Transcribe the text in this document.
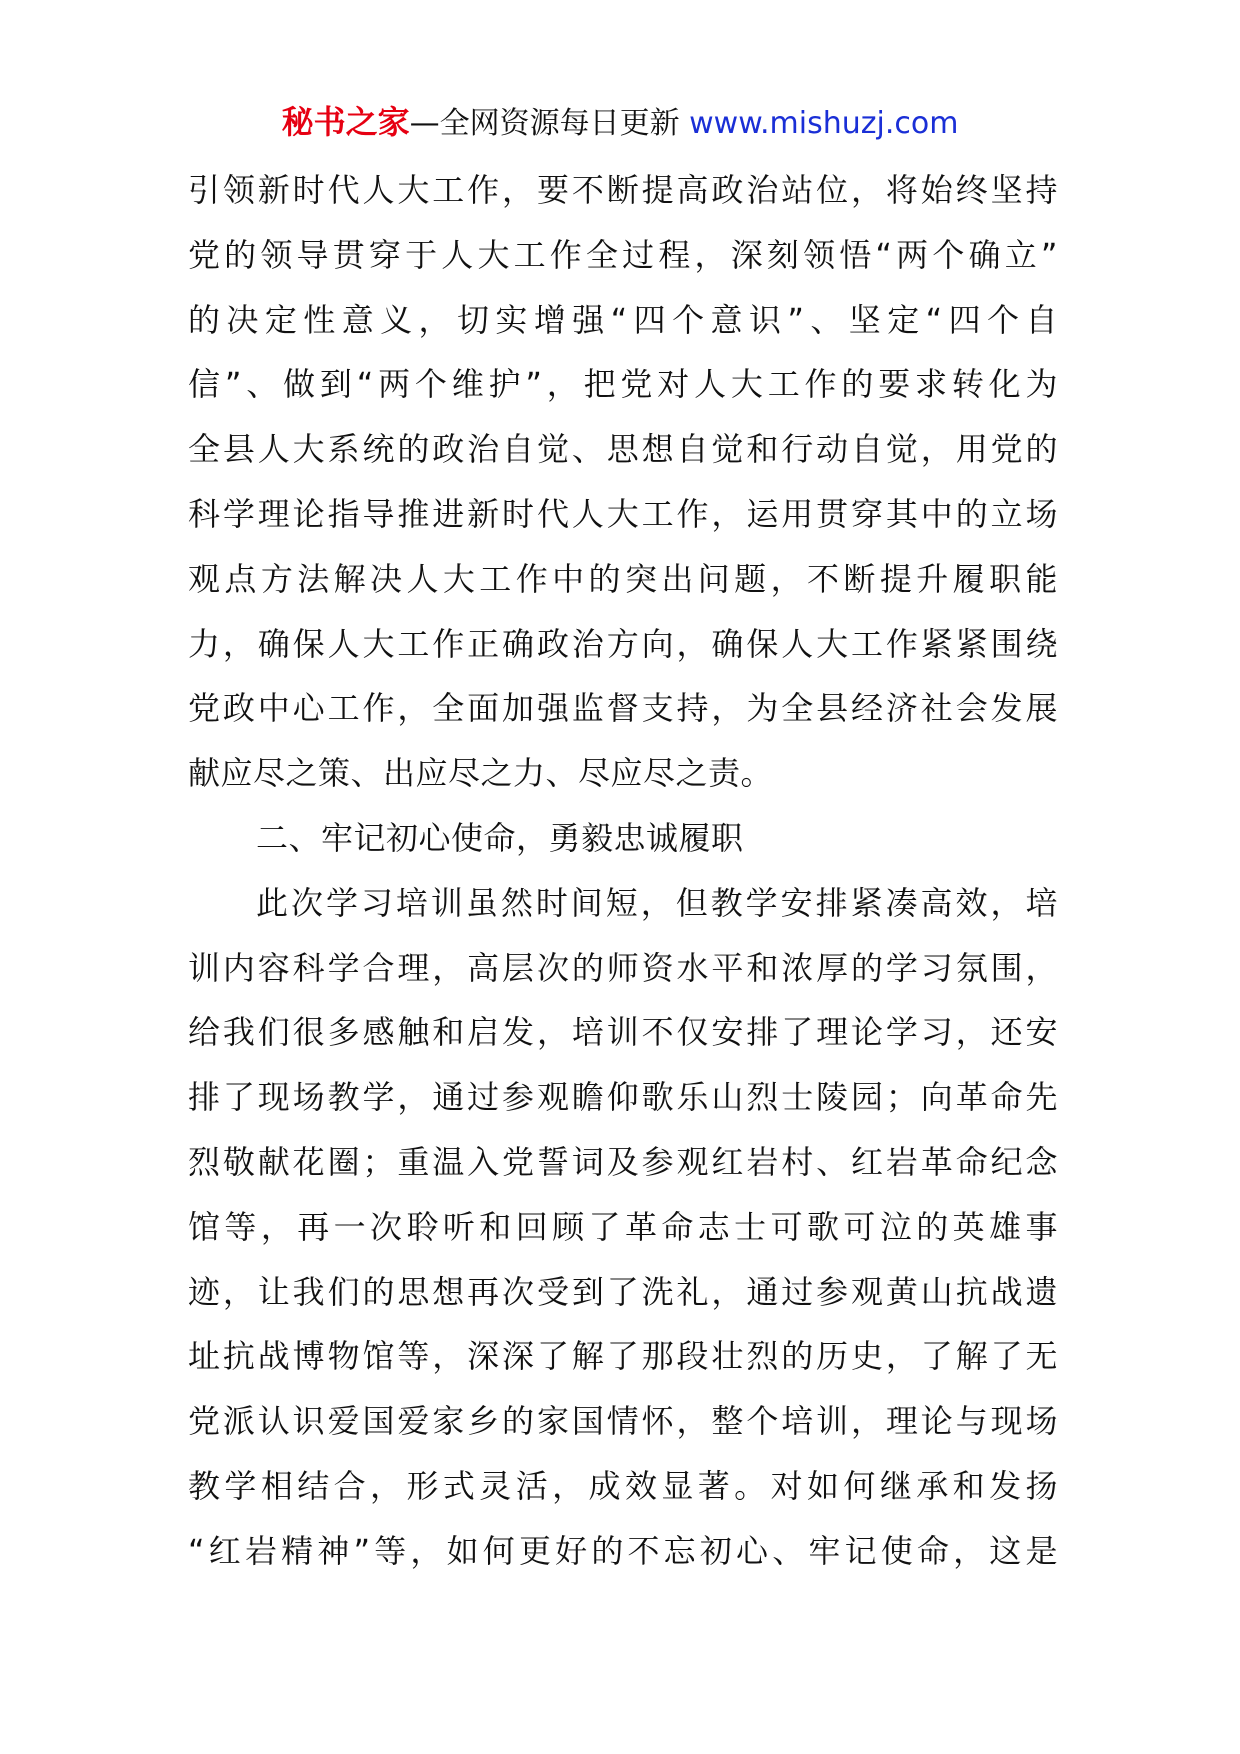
秘书之家—全网资源每日更新 www.mishuzj.com
引领新时代人大工作，要不断提高政治站位，将始终坚持
党的领导贯穿于人大工作全过程，深刻领悟“两个确立”
的决定性意义，切实增强“四个意识”、坚定“四个自
信”、做到“两个维护”，把党对人大工作的要求转化为
全县人大系统的政治自觉、思想自觉和行动自觉，用党的
科学理论指导推进新时代人大工作，运用贯穿其中的立场
观点方法解决人大工作中的突出问题，不断提升履职能
力，确保人大工作正确政治方向，确保人大工作紧紧围绕
党政中心工作，全面加强监督支持，为全县经济社会发展
献应尽之策、出应尽之力、尽应尽之责。
二、牢记初心使命，勇毅忠诚履职
此次学习培训虽然时间短，但教学安排紧凑高效，培
训内容科学合理，高层次的师资水平和浓厚的学习氛围，
给我们很多感触和启发，培训不仅安排了理论学习，还安
排了现场教学，通过参观瞻仰歌乐山烈士陵园；向革命先
烈敬献花圈；重温入党誓词及参观红岩村、红岩革命纪念
馆等，再一次聆听和回顾了革命志士可歌可泣的英雄事
迹，让我们的思想再次受到了洗礼，通过参观黄山抗战遗
址抗战博物馆等，深深了解了那段壮烈的历史，了解了无
党派认识爱国爱家乡的家国情怀，整个培训，理论与现场
教学相结合，形式灵活，成效显著。对如何继承和发扬
“红岩精神”等，如何更好的不忘初心、牢记使命，这是
